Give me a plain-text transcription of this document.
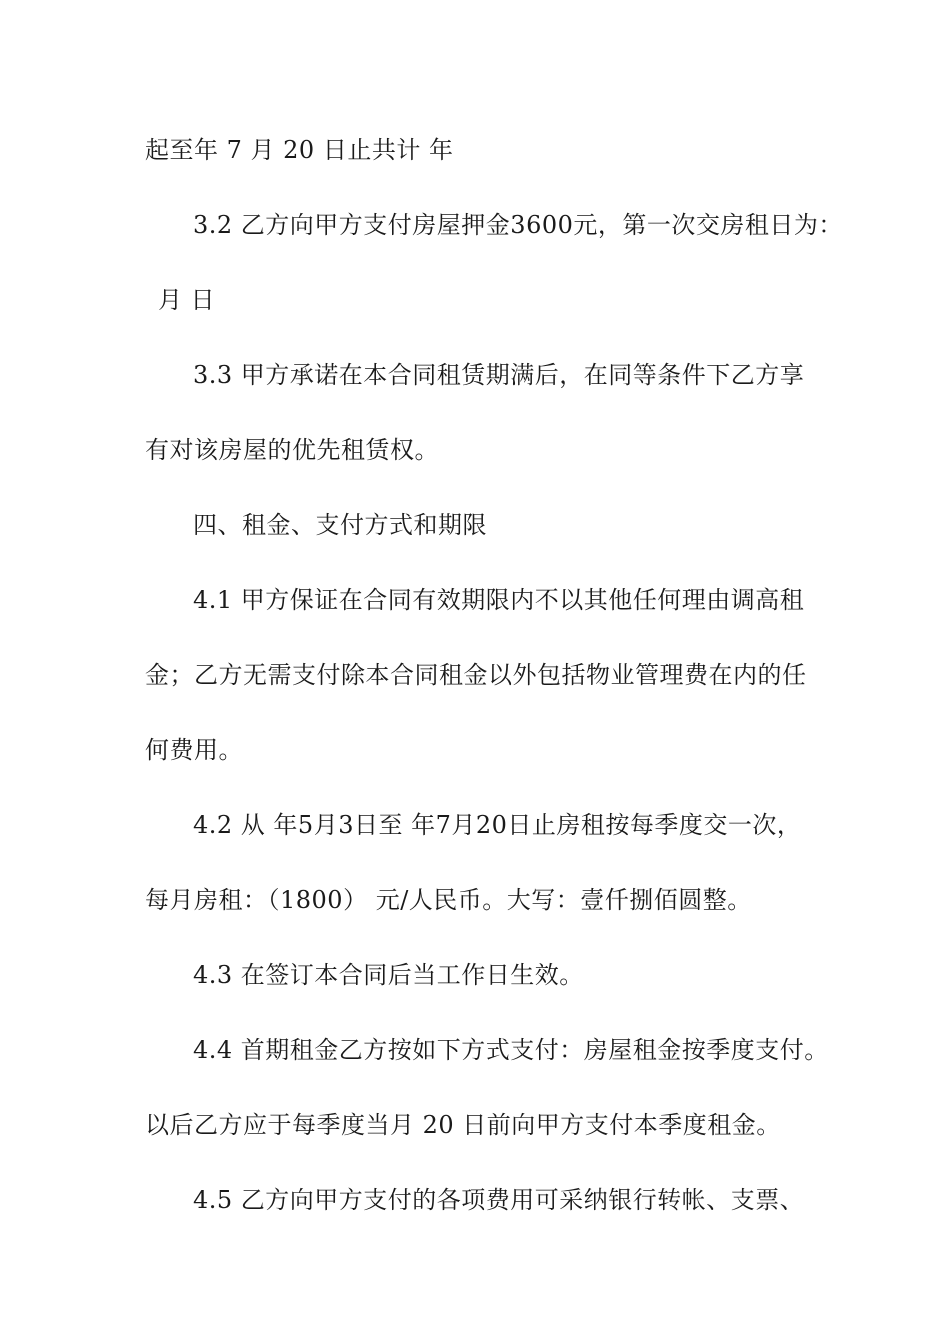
起至年 7 月 20 日止共计 年
3.2 乙方向甲方支付房屋押金3600元，第一次交房租日为：
月 日
3.3 甲方承诺在本合同租赁期满后，在同等条件下乙方享
有对该房屋的优先租赁权。
四、租金、支付方式和期限
4.1 甲方保证在合同有效期限内不以其他任何理由调高租
金；乙方无需支付除本合同租金以外包括物业管理费在内的任
何费用。
4.2 从 年5月3日至 年7月20日止房租按每季度交一次，
每月房租：（1800） 元/人民币。大写：壹仟捌佰圆整。
4.3 在签订本合同后当工作日生效。
4.4 首期租金乙方按如下方式支付：房屋租金按季度支付。
以后乙方应于每季度当月 20 日前向甲方支付本季度租金。
4.5 乙方向甲方支付的各项费用可采纳银行转帐、支票、
